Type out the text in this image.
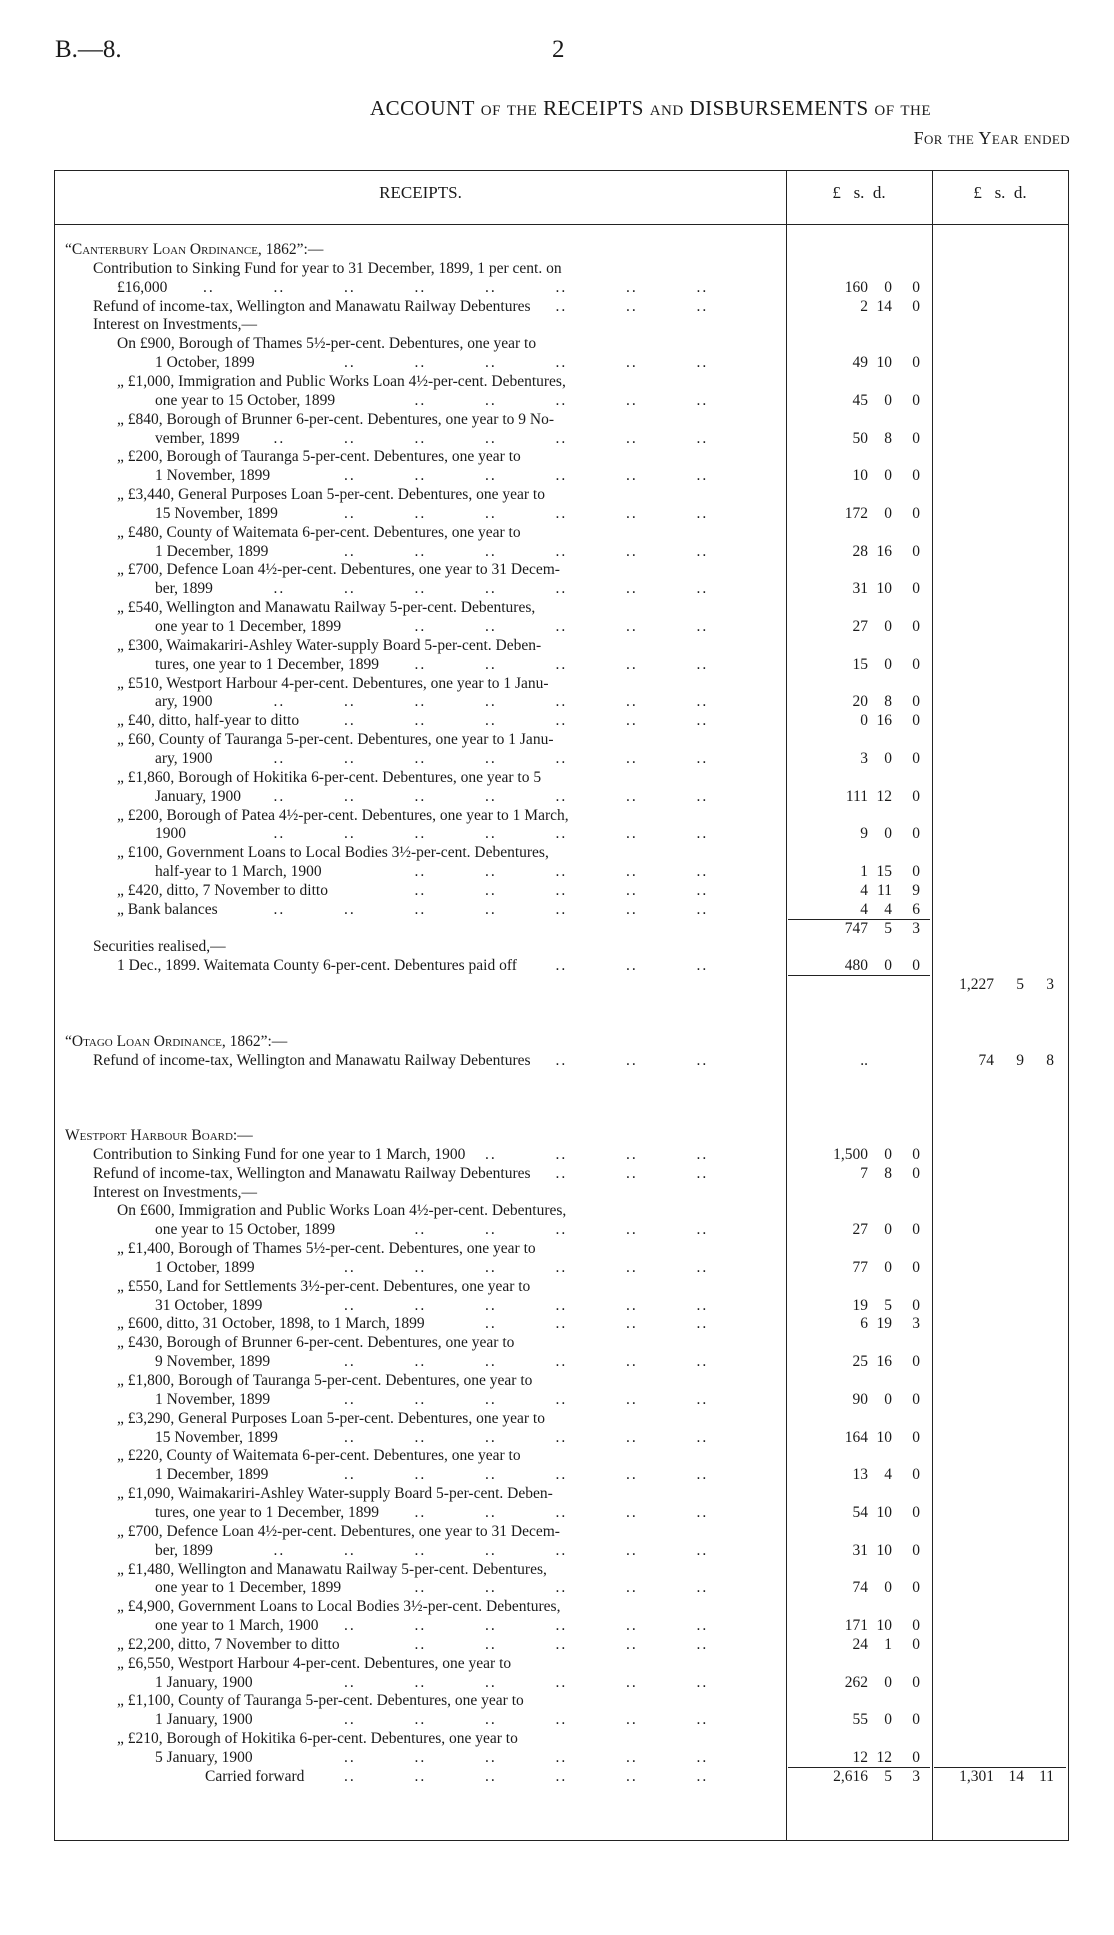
B.—8.	2
ACCOUNT of the RECEIPTS and DISBURSEMENTS of the
For the Year ended
RECEIPTS.	£   s.  d.	£   s.  d.
“Canterbury Loan Ordinance, 1862”:—
Contribution to Sinking Fund for year to 31 December, 1899, 1 per cent. on
£16,000	..          ..          ..          ..          ..          ..          ..          ..	160	0	0
Refund of income-tax, Wellington and Manawatu Railway Debentures	..          ..          ..	2 14	0
Interest on Investments,—
On £900, Borough of Thames 5½-per-cent. Debentures, one year to
1 October, 1899	..          ..          ..          ..          ..          ..	49 10	0
„ £1,000, Immigration and Public Works Loan 4½-per-cent. Debentures,
one year to 15 October, 1899	..          ..          ..          ..          ..	45	0	0
„ £840, Borough of Brunner 6-per-cent. Debentures, one year to 9 No-
vember, 1899	..          ..          ..          ..          ..          ..          ..	50	8	0
„ £200, Borough of Tauranga 5-per-cent. Debentures, one year to
1 November, 1899	..          ..          ..          ..          ..          ..	10	0	0
„ £3,440, General Purposes Loan 5-per-cent. Debentures, one year to
15 November, 1899	..          ..          ..          ..          ..          ..	172	0	0
„ £480, County of Waitemata 6-per-cent. Debentures, one year to
1 December, 1899	..          ..          ..          ..          ..          ..	28 16	0
„ £700, Defence Loan 4½-per-cent. Debentures, one year to 31 Decem-
ber, 1899	..          ..          ..          ..          ..          ..          ..	31 10	0
„ £540, Wellington and Manawatu Railway 5-per-cent. Debentures,
one year to 1 December, 1899	..          ..          ..          ..          ..	27	0	0
„ £300, Waimakariri-Ashley Water-supply Board 5-per-cent. Deben-
tures, one year to 1 December, 1899	..          ..          ..          ..          ..	15	0	0
„ £510, Westport Harbour 4-per-cent. Debentures, one year to 1 Janu-
ary, 1900	..          ..          ..          ..          ..          ..          ..	20	8	0
„ £40, ditto, half-year to ditto	..          ..          ..          ..          ..          ..	0 16	0
„ £60, County of Tauranga 5-per-cent. Debentures, one year to 1 Janu-
ary, 1900	..          ..          ..          ..          ..          ..          ..	3	0	0
„ £1,860, Borough of Hokitika 6-per-cent. Debentures, one year to 5
January, 1900	..          ..          ..          ..          ..          ..          ..	111 12	0
„ £200, Borough of Patea 4½-per-cent. Debentures, one year to 1 March,
1900	..          ..          ..          ..          ..          ..          ..	9	0	0
„ £100, Government Loans to Local Bodies 3½-per-cent. Debentures,
half-year to 1 March, 1900	..          ..          ..          ..          ..	1 15	0
„ £420, ditto, 7 November to ditto	..          ..          ..          ..          ..	4 11	9
„ Bank balances	..          ..          ..          ..          ..          ..          ..	4	4	6
747	5	3
Securities realised,—
1 Dec., 1899. Waitemata County 6-per-cent. Debentures paid off	..          ..          ..	480	0	0
1,227	5	3
“Otago Loan Ordinance, 1862”:—
Refund of income-tax, Wellington and Manawatu Railway Debentures	..          ..          ..	..	74	9	8
Westport Harbour Board:—
Contribution to Sinking Fund for one year to 1 March, 1900	..          ..          ..          ..	1,500	0	0
Refund of income-tax, Wellington and Manawatu Railway Debentures	..          ..          ..	7	8	0
Interest on Investments,—
On £600, Immigration and Public Works Loan 4½-per-cent. Debentures,
one year to 15 October, 1899	..          ..          ..          ..          ..	27	0	0
„ £1,400, Borough of Thames 5½-per-cent. Debentures, one year to
1 October, 1899	..          ..          ..          ..          ..          ..	77	0	0
„ £550, Land for Settlements 3½-per-cent. Debentures, one year to
31 October, 1899	..          ..          ..          ..          ..          ..	19	5	0
„ £600, ditto, 31 October, 1898, to 1 March, 1899	..          ..          ..          ..	6 19	3
„ £430, Borough of Brunner 6-per-cent. Debentures, one year to
9 November, 1899	..          ..          ..          ..          ..          ..	25 16	0
„ £1,800, Borough of Tauranga 5-per-cent. Debentures, one year to
1 November, 1899	..          ..          ..          ..          ..          ..	90	0	0
„ £3,290, General Purposes Loan 5-per-cent. Debentures, one year to
15 November, 1899	..          ..          ..          ..          ..          ..	164 10	0
„ £220, County of Waitemata 6-per-cent. Debentures, one year to
1 December, 1899	..          ..          ..          ..          ..          ..	13	4	0
„ £1,090, Waimakariri-Ashley Water-supply Board 5-per-cent. Deben-
tures, one year to 1 December, 1899	..          ..          ..          ..          ..	54 10	0
„ £700, Defence Loan 4½-per-cent. Debentures, one year to 31 Decem-
ber, 1899	..          ..          ..          ..          ..          ..          ..	31 10	0
„ £1,480, Wellington and Manawatu Railway 5-per-cent. Debentures,
one year to 1 December, 1899	..          ..          ..          ..          ..	74	0	0
„ £4,900, Government Loans to Local Bodies 3½-per-cent. Debentures,
one year to 1 March, 1900	..          ..          ..          ..          ..          ..	171 10	0
„ £2,200, ditto, 7 November to ditto	..          ..          ..          ..          ..	24	1	0
„ £6,550, Westport Harbour 4-per-cent. Debentures, one year to
1 January, 1900	..          ..          ..          ..          ..          ..	262	0	0
„ £1,100, County of Tauranga 5-per-cent. Debentures, one year to
1 January, 1900	..          ..          ..          ..          ..          ..	55	0	0
„ £210, Borough of Hokitika 6-per-cent. Debentures, one year to
5 January, 1900	..          ..          ..          ..          ..          ..	12 12	0
Carried forward	..          ..          ..          ..          ..          ..	2,616	5	3	1,301 14 11
